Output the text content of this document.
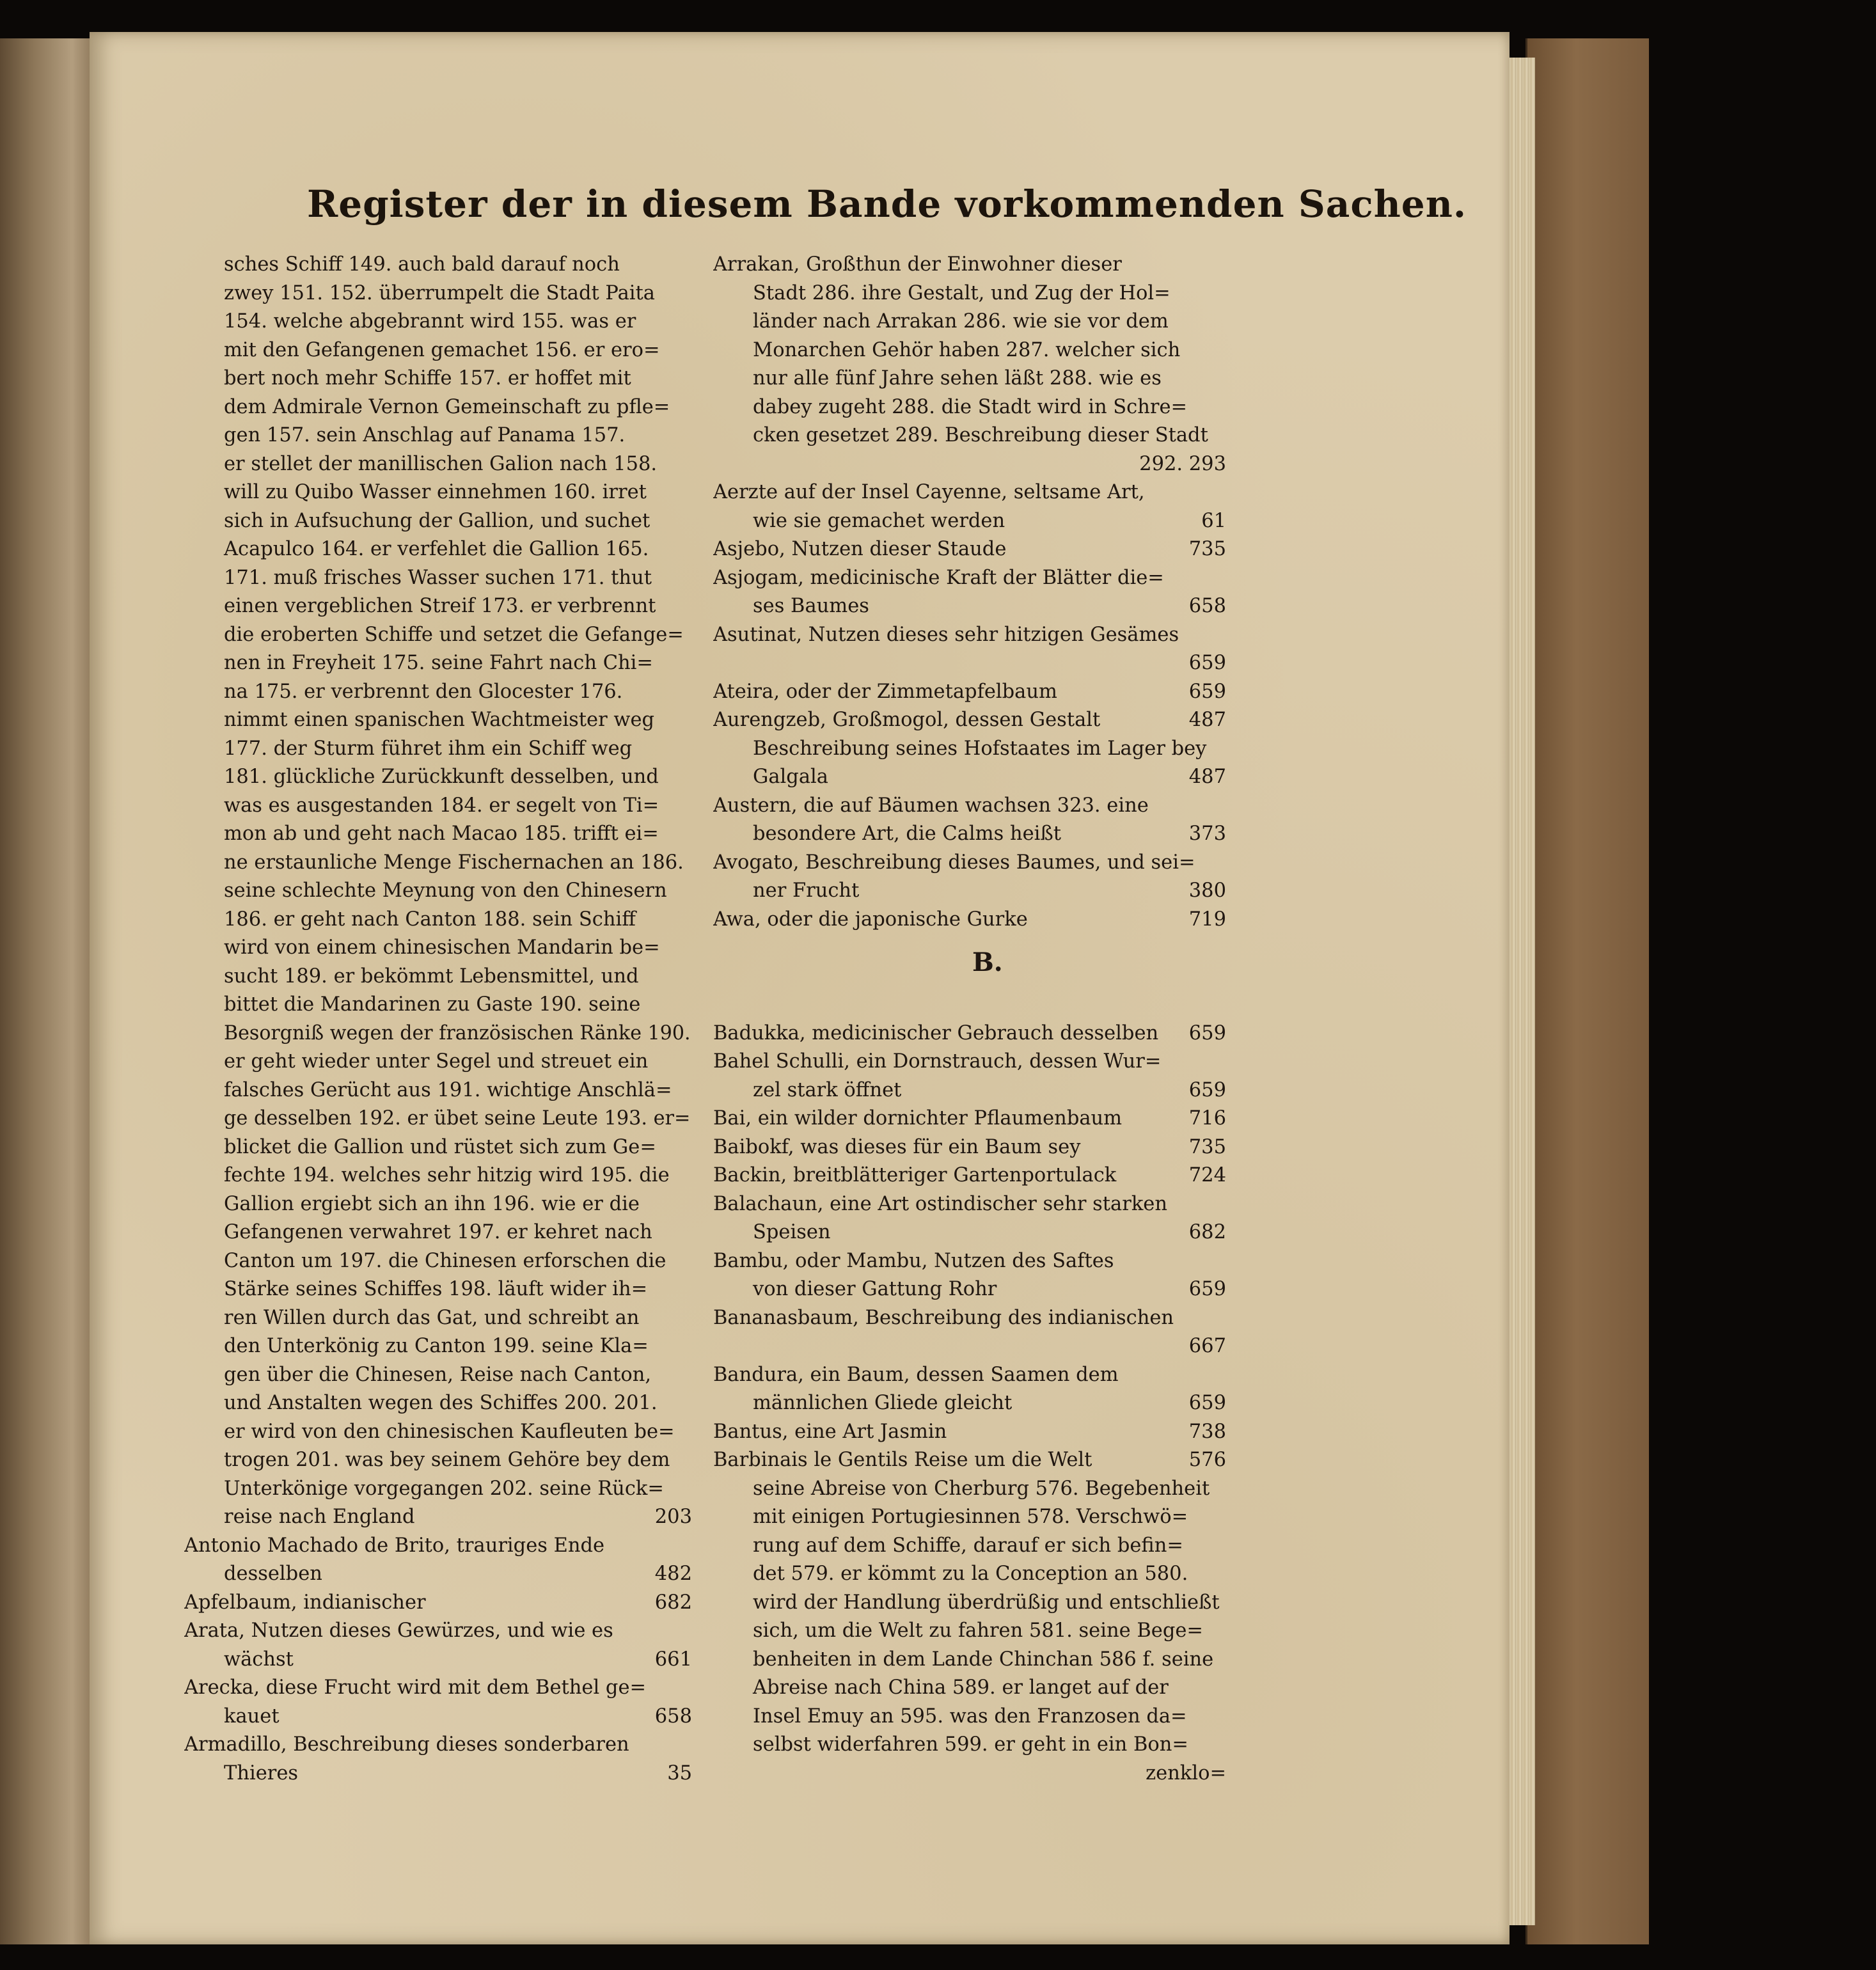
Register der in diesem Bande vorkommenden Sachen.
sches Schiff 149. auch bald darauf noch
zwey 151. 152. überrumpelt die Stadt Paita
154. welche abgebrannt wird 155. was er
mit den Gefangenen gemachet 156. er ero=
bert noch mehr Schiffe 157. er hoffet mit
dem Admirale Vernon Gemeinschaft zu pfle=
gen 157. sein Anschlag auf Panama 157.
er stellet der manillischen Galion nach 158.
will zu Quibo Wasser einnehmen 160. irret
sich in Aufsuchung der Gallion, und suchet
Acapulco 164. er verfehlet die Gallion 165.
171. muß frisches Wasser suchen 171. thut
einen vergeblichen Streif 173. er verbrennt
die eroberten Schiffe und setzet die Gefange=
nen in Freyheit 175. seine Fahrt nach Chi=
na 175. er verbrennt den Glocester 176.
nimmt einen spanischen Wachtmeister weg
177. der Sturm führet ihm ein Schiff weg
181. glückliche Zurückkunft desselben, und
was es ausgestanden 184. er segelt von Ti=
mon ab und geht nach Macao 185. trifft ei=
ne erstaunliche Menge Fischernachen an 186.
seine schlechte Meynung von den Chinesern
186. er geht nach Canton 188. sein Schiff
wird von einem chinesischen Mandarin be=
sucht 189. er bekömmt Lebensmittel, und
bittet die Mandarinen zu Gaste 190. seine
Besorgniß wegen der französischen Ränke 190.
er geht wieder unter Segel und streuet ein
falsches Gerücht aus 191. wichtige Anschlä=
ge desselben 192. er übet seine Leute 193. er=
blicket die Gallion und rüstet sich zum Ge=
fechte 194. welches sehr hitzig wird 195. die
Gallion ergiebt sich an ihn 196. wie er die
Gefangenen verwahret 197. er kehret nach
Canton um 197. die Chinesen erforschen die
Stärke seines Schiffes 198. läuft wider ih=
ren Willen durch das Gat, und schreibt an
den Unterkönig zu Canton 199. seine Kla=
gen über die Chinesen, Reise nach Canton,
und Anstalten wegen des Schiffes 200. 201.
er wird von den chinesischen Kaufleuten be=
trogen 201. was bey seinem Gehöre bey dem
Unterkönige vorgegangen 202. seine Rück=
reise nach England	203
Antonio Machado de Brito, trauriges Ende
desselben	482
Apfelbaum, indianischer	682
Arata, Nutzen dieses Gewürzes, und wie es
wächst	661
Arecka, diese Frucht wird mit dem Bethel ge=
kauet	658
Armadillo, Beschreibung dieses sonderbaren
Thieres	35
Arrakan, Großthun der Einwohner dieser
Stadt 286. ihre Gestalt, und Zug der Hol=
länder nach Arrakan 286. wie sie vor dem
Monarchen Gehör haben 287. welcher sich
nur alle fünf Jahre sehen läßt 288. wie es
dabey zugeht 288. die Stadt wird in Schre=
cken gesetzet 289. Beschreibung dieser Stadt
292. 293
Aerzte auf der Insel Cayenne, seltsame Art,
wie sie gemachet werden	61
Asjebo, Nutzen dieser Staude	735
Asjogam, medicinische Kraft der Blätter die=
ses Baumes	658
Asutinat, Nutzen dieses sehr hitzigen Gesämes
659
Ateira, oder der Zimmetapfelbaum	659
Aurengzeb, Großmogol, dessen Gestalt	487
Beschreibung seines Hofstaates im Lager bey
Galgala	487
Austern, die auf Bäumen wachsen 323. eine
besondere Art, die Calms heißt	373
Avogato, Beschreibung dieses Baumes, und sei=
ner Frucht	380
Awa, oder die japonische Gurke	719
B.
Badukka, medicinischer Gebrauch desselben 659
Bahel Schulli, ein Dornstrauch, dessen Wur=
zel stark öffnet	659
Bai, ein wilder dornichter Pflaumenbaum	716
Baibokf, was dieses für ein Baum sey	735
Backin, breitblätteriger Gartenportulack	724
Balachaun, eine Art ostindischer sehr starken
Speisen	682
Bambu, oder Mambu, Nutzen des Saftes
von dieser Gattung Rohr	659
Bananasbaum, Beschreibung des indianischen
667
Bandura, ein Baum, dessen Saamen dem
männlichen Gliede gleicht	659
Bantus, eine Art Jasmin	738
Barbinais le Gentils Reise um die Welt	576
seine Abreise von Cherburg 576. Begebenheit
mit einigen Portugiesinnen 578. Verschwö=
rung auf dem Schiffe, darauf er sich befin=
det 579. er kömmt zu la Conception an 580.
wird der Handlung überdrüßig und entschließt
sich, um die Welt zu fahren 581. seine Bege=
benheiten in dem Lande Chinchan 586 f. seine
Abreise nach China 589. er langet auf der
Insel Emuy an 595. was den Franzosen da=
selbst widerfahren 599. er geht in ein Bon=
zenklo=
